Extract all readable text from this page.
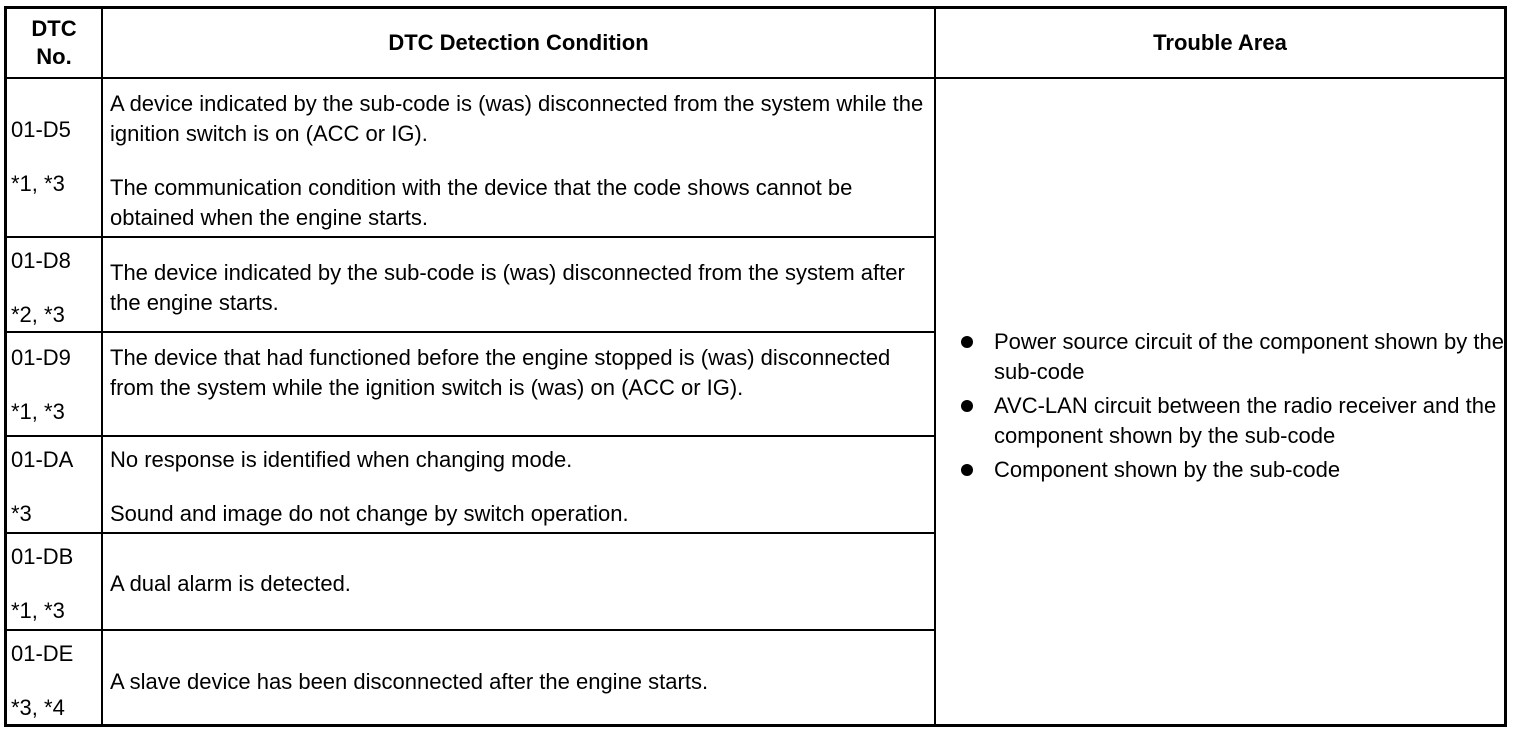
DTC
No.
DTC Detection Condition	Trouble Area
01-D5
*1, *3

A device indicated by the sub-code is (was) disconnected from the system while the ignition switch is on (ACC or IG).

The communication condition with the device that the code shows cannot be obtained when the engine starts.

01-D8
*2, *3

The device indicated by the sub-code is (was) disconnected from the system after the engine starts.

01-D9
*1, *3

The device that had functioned before the engine stopped is (was) disconnected from the system while the ignition switch is (was) on (ACC or IG).

01-DA
*3

No response is identified when changing mode.

Sound and image do not change by switch operation.

01-DB
*1, *3

A dual alarm is detected.

01-DE
*3, *4

A slave device has been disconnected after the engine starts.

Power source circuit of the component shown by the sub-code
AVC-LAN circuit between the radio receiver and the component shown by the sub-code
Component shown by the sub-code
